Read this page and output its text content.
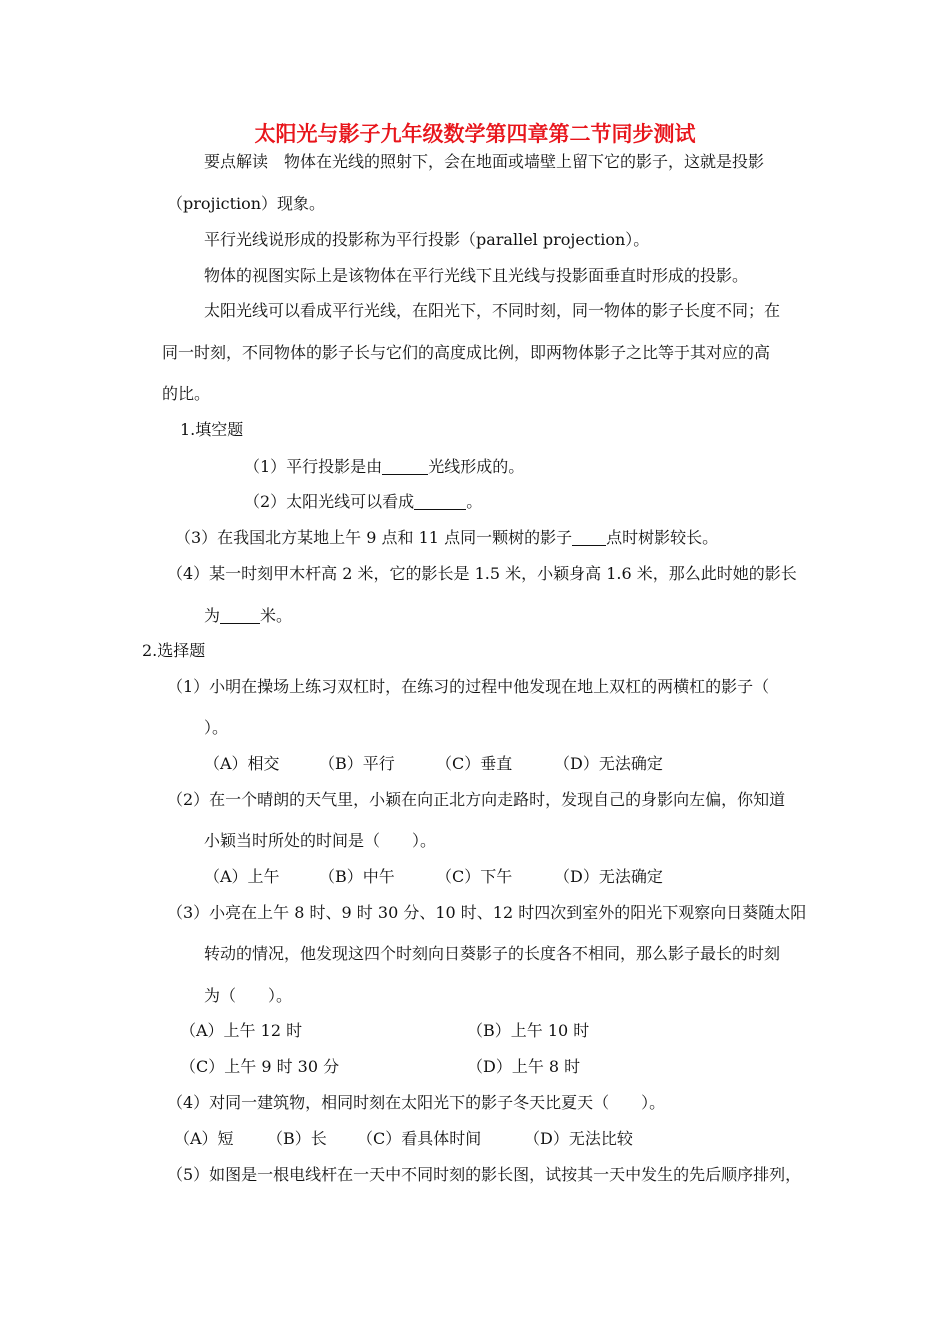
太阳光与影子九年级数学第四章第二节同步测试
要点解读　物体在光线的照射下，会在地面或墙壁上留下它的影子，这就是投影
（projiction）现象。
平行光线说形成的投影称为平行投影（parallel projection）。
物体的视图实际上是该物体在平行光线下且光线与投影面垂直时形成的投影。
太阳光线可以看成平行光线，在阳光下，不同时刻，同一物体的影子长度不同；在
同一时刻，不同物体的影子长与它们的高度成比例，即两物体影子之比等于其对应的高
的比。
1.填空题
（1）平行投影是由	光线形成的。
（2）太阳光线可以看成	。
（3）在我国北方某地上午 9 点和 11 点同一颗树的影子 点时树影较长。
（4）某一时刻甲木杆高 2 米，它的影长是 1.5 米，小颖身高 1.6 米，那么此时她的影长
为	米。
2.选择题
（1）小明在操场上练习双杠时，在练习的过程中他发现在地上双杠的两横杠的影子（
）。
（A）相交 （B）平行	（C）垂直	（D）无法确定
（2）在一个晴朗的天气里，小颖在向正北方向走路时，发现自己的身影向左偏，你知道
小颖当时所处的时间是（　　）。
（A）上午 （B）中午	（C）下午	（D）无法确定
（3）小亮在上午 8 时、9 时 30 分、10 时、12 时四次到室外的阳光下观察向日葵随太阳
转动的情况，他发现这四个时刻向日葵影子的长度各不相同，那么影子最长的时刻
为（　　）。
（A）上午 12 时	（B）上午 10 时
（C）上午 9 时 30 分	（D）上午 8 时
（4）对同一建筑物，相同时刻在太阳光下的影子冬天比夏天（　　）。
（A）短 （B）长 （C）看具体时间	（D）无法比较
（5）如图是一根电线杆在一天中不同时刻的影长图，试按其一天中发生的先后顺序排列，
